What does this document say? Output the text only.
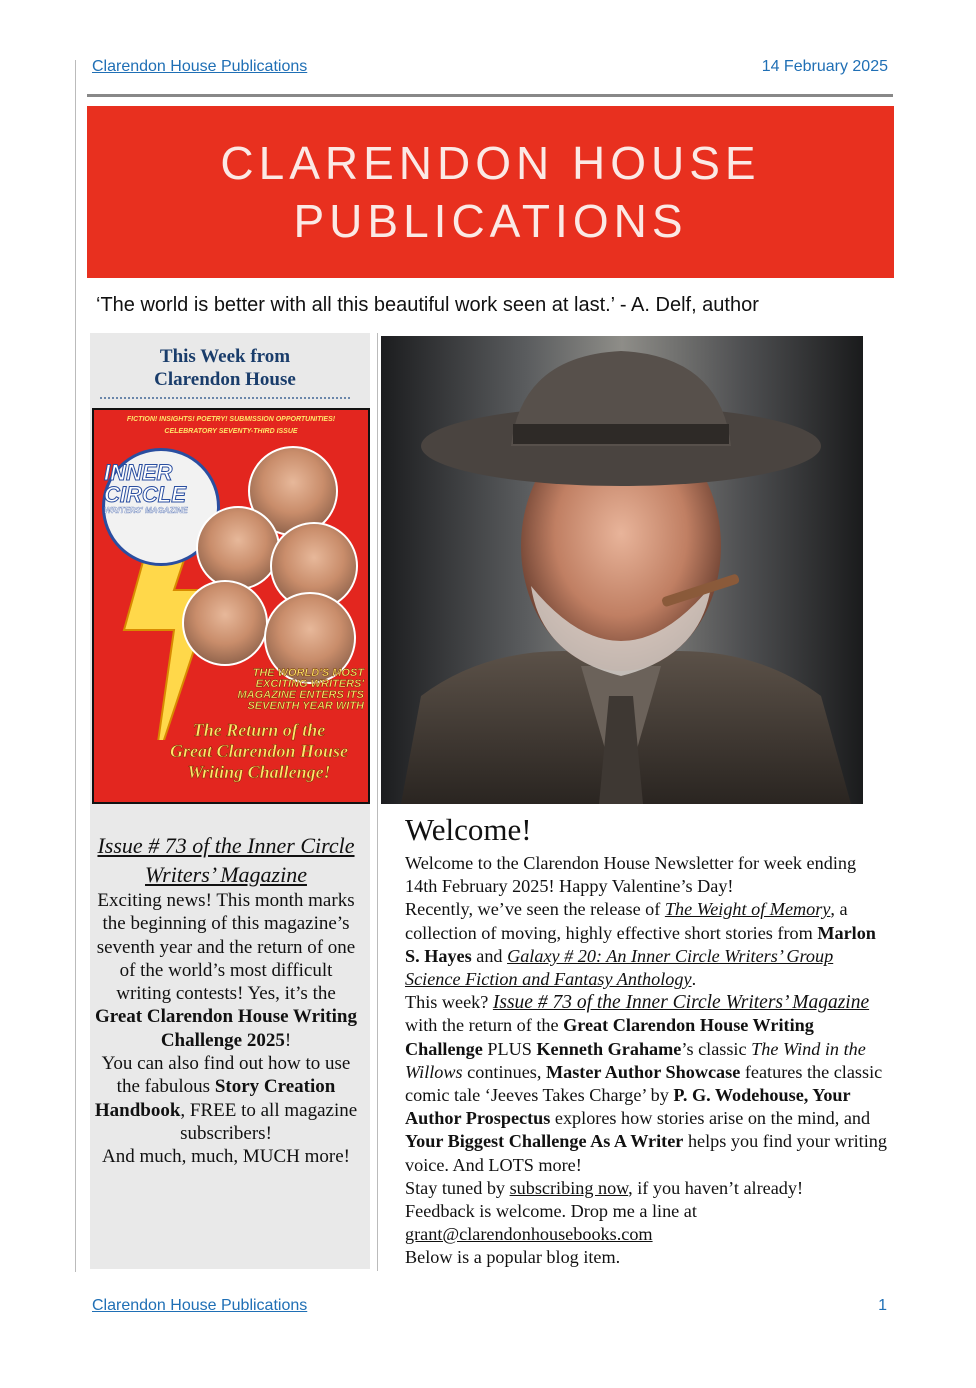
Clarendon House Publications	14 February 2025
CLARENDON HOUSE
PUBLICATIONS
‘The world is better with all this beautiful work seen at last.’ - A. Delf, author
This Week from
Clarendon House
FICTION! INSIGHTS! POETRY! SUBMISSION OPPORTUNITIES!
CELEBRATORY SEVENTY-THIRD ISSUE
INNER
CIRCLE
WRITERS' MAGAZINE
THE WORLD'S MOST
EXCITING WRITERS'
MAGAZINE ENTERS ITS
SEVENTH YEAR WITH
The Return of the
Great Clarendon House
Writing Challenge!
Issue # 73 of the Inner Circle Writers’ Magazine
Exciting news! This month marks the beginning of this magazine’s seventh year and the return of one of the world’s most difficult writing contests! Yes, it’s the Great Clarendon House Writing Challenge 2025!
You can also find out how to use the fabulous Story Creation Handbook, FREE to all magazine subscribers!
And much, much, MUCH more!
Welcome!

Welcome to the Clarendon House Newsletter for week ending 14th February 2025! Happy Valentine’s Day!

Recently, we’ve seen the release of The Weight of Memory, a collection of moving, highly effective short stories from Marlon S. Hayes and Galaxy # 20: An Inner Circle Writers’ Group Science Fiction and Fantasy Anthology.

This week? Issue # 73 of the Inner Circle Writers’ Magazine with the return of the Great Clarendon House Writing Challenge PLUS Kenneth Grahame’s classic The Wind in the Willows continues, Master Author Showcase features the classic comic tale ‘Jeeves Takes Charge’ by P. G. Wodehouse, Your Author Prospectus explores how stories arise on the mind, and Your Biggest Challenge As A Writer helps you find your writing voice. And LOTS more!

Stay tuned by subscribing now, if you haven’t already!

Feedback is welcome. Drop me a line at

grant@clarendonhousebooks.com

Below is a popular blog item.

Clarendon House Publications	1
